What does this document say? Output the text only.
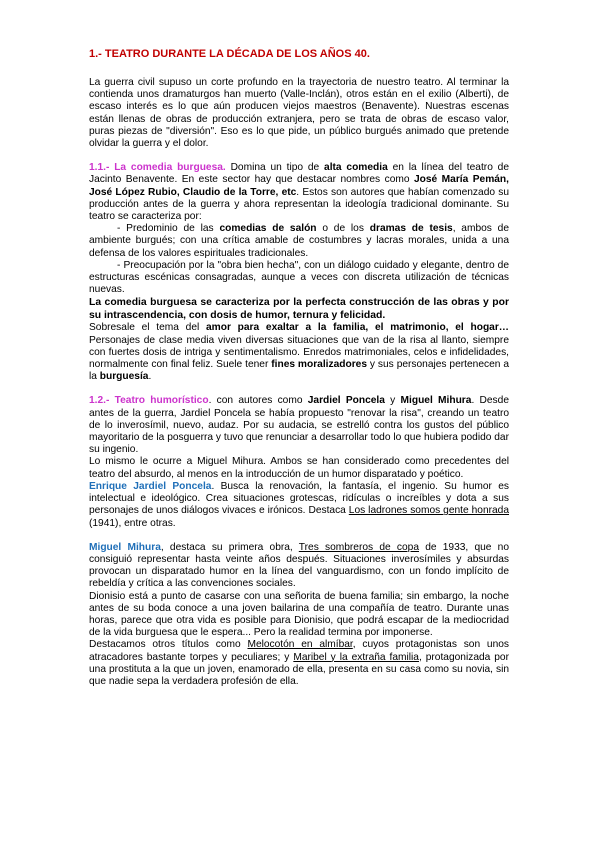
1.- TEATRO DURANTE LA DÉCADA DE LOS AÑOS 40.

La guerra civil supuso un corte profundo en la trayectoria de nuestro teatro. Al terminar la contienda unos dramaturgos han muerto (Valle-Inclán), otros están en el exilio (Alberti), de escaso interés es lo que aún producen viejos maestros (Benavente). Nuestras escenas están llenas de obras de producción extranjera, pero se trata de obras de escaso valor, puras piezas de "diversión". Eso es lo que pide, un público burgués animado que pretende olvidar la guerra y el dolor.

1.1.- La comedia burguesa. Domina un tipo de alta comedia en la línea del teatro de Jacinto Benavente. En este sector hay que destacar nombres como José María Pemán, José López Rubio, Claudio de la Torre, etc. Estos son autores que habían comenzado su producción antes de la guerra y ahora representan la ideología tradicional dominante. Su teatro se caracteriza por:

- Predominio de las comedias de salón o de los dramas de tesis, ambos de ambiente burgués; con una crítica amable de costumbres y lacras morales, unida a una defensa de los valores espirituales tradicionales.

- Preocupación por la "obra bien hecha", con un diálogo cuidado y elegante, dentro de estructuras escénicas consagradas, aunque a veces con discreta utilización de técnicas nuevas.

La comedia burguesa se caracteriza por la perfecta construcción de las obras y por su intrascendencia, con dosis de humor, ternura y felicidad.

Sobresale el tema del amor para exaltar a la familia, el matrimonio, el hogar… Personajes de clase media viven diversas situaciones que van de la risa al llanto, siempre con fuertes dosis de intriga y sentimentalismo. Enredos matrimoniales, celos e infidelidades, normalmente con final feliz. Suele tener fines moralizadores y sus personajes pertenecen a la burguesía.

1.2.- Teatro humorístico. con autores como Jardiel Poncela y Miguel Mihura. Desde antes de la guerra, Jardiel Poncela se había propuesto "renovar la risa", creando un teatro de lo inverosímil, nuevo, audaz. Por su audacia, se estrelló contra los gustos del público mayoritario de la posguerra y tuvo que renunciar a desarrollar todo lo que hubiera podido dar su ingenio.

Lo mismo le ocurre a Miguel Mihura. Ambos se han considerado como precedentes del teatro del absurdo, al menos en la introducción de un humor disparatado y poético.

Enrique Jardiel Poncela. Busca la renovación, la fantasía, el ingenio. Su humor es intelectual e ideológico. Crea situaciones grotescas, ridículas o increíbles y dota a sus personajes de unos diálogos vivaces e irónicos. Destaca Los ladrones somos gente honrada (1941), entre otras.

Miguel Mihura, destaca su primera obra, Tres sombreros de copa de 1933, que no consiguió representar hasta veinte años después. Situaciones inverosímiles y absurdas provocan un disparatado humor en la línea del vanguardismo, con un fondo implícito de rebeldía y crítica a las convenciones sociales.

Dionisio está a punto de casarse con una señorita de buena familia; sin embargo, la noche antes de su boda conoce a una joven bailarina de una compañía de teatro. Durante unas horas, parece que otra vida es posible para Dionisio, que podrá escapar de la mediocridad de la vida burguesa que le espera... Pero la realidad termina por imponerse.

Destacamos otros títulos como Melocotón en almíbar, cuyos protagonistas son unos atracadores bastante torpes y peculiares; y Maribel y la extraña familia, protagonizada por una prostituta a la que un joven, enamorado de ella, presenta en su casa como su novia, sin que nadie sepa la verdadera profesión de ella.
